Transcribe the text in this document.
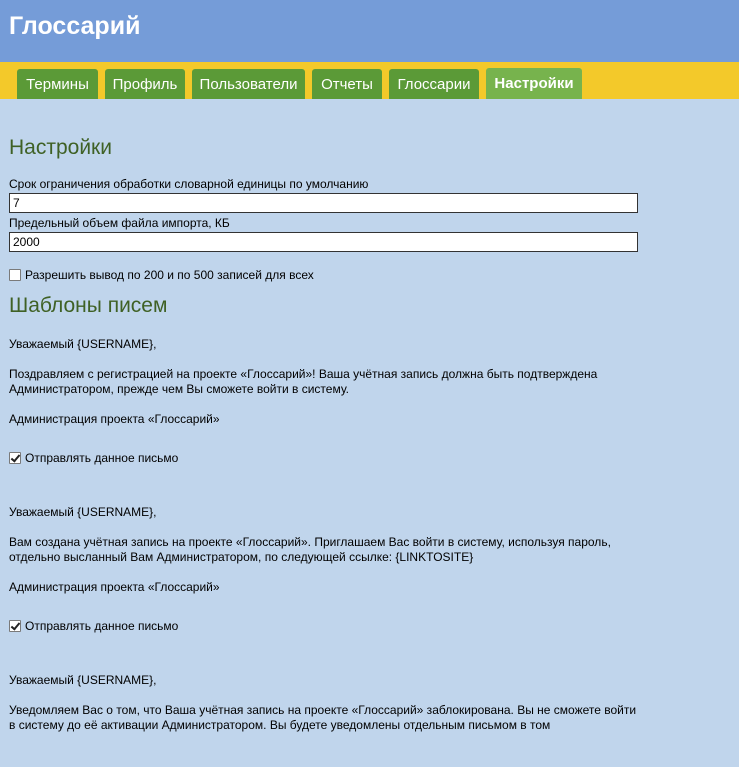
Глоссарий
Термины	Профиль	Пользователи	Отчеты	Глоссарии	Настройки
Настройки

Срок ограничения обработки словарной единицы по умолчанию

7

Предельный объем файла импорта, КБ

2000
Разрешить вывод по 200 и по 500 записей для всех
Шаблоны писем

Уважаемый {USERNAME},

Поздравляем с регистрацией на проекте «Глоссарий»! Ваша учётная запись должна быть подтверждена Администратором, прежде чем Вы сможете войти в систему.

Администрация проекта «Глоссарий»

Отправлять данное письмо

Уважаемый {USERNAME},

Вам создана учётная запись на проекте «Глоссарий». Приглашаем Вас войти в систему, используя пароль, отдельно высланный Вам Администратором, по следующей ссылке: {LINKTOSITE}

Администрация проекта «Глоссарий»

Отправлять данное письмо

Уважаемый {USERNAME},

Уведомляем Вас о том, что Ваша учётная запись на проекте «Глоссарий» заблокирована. Вы не сможете войти в систему до её активации Администратором. Вы будете уведомлены отдельным письмом в том
